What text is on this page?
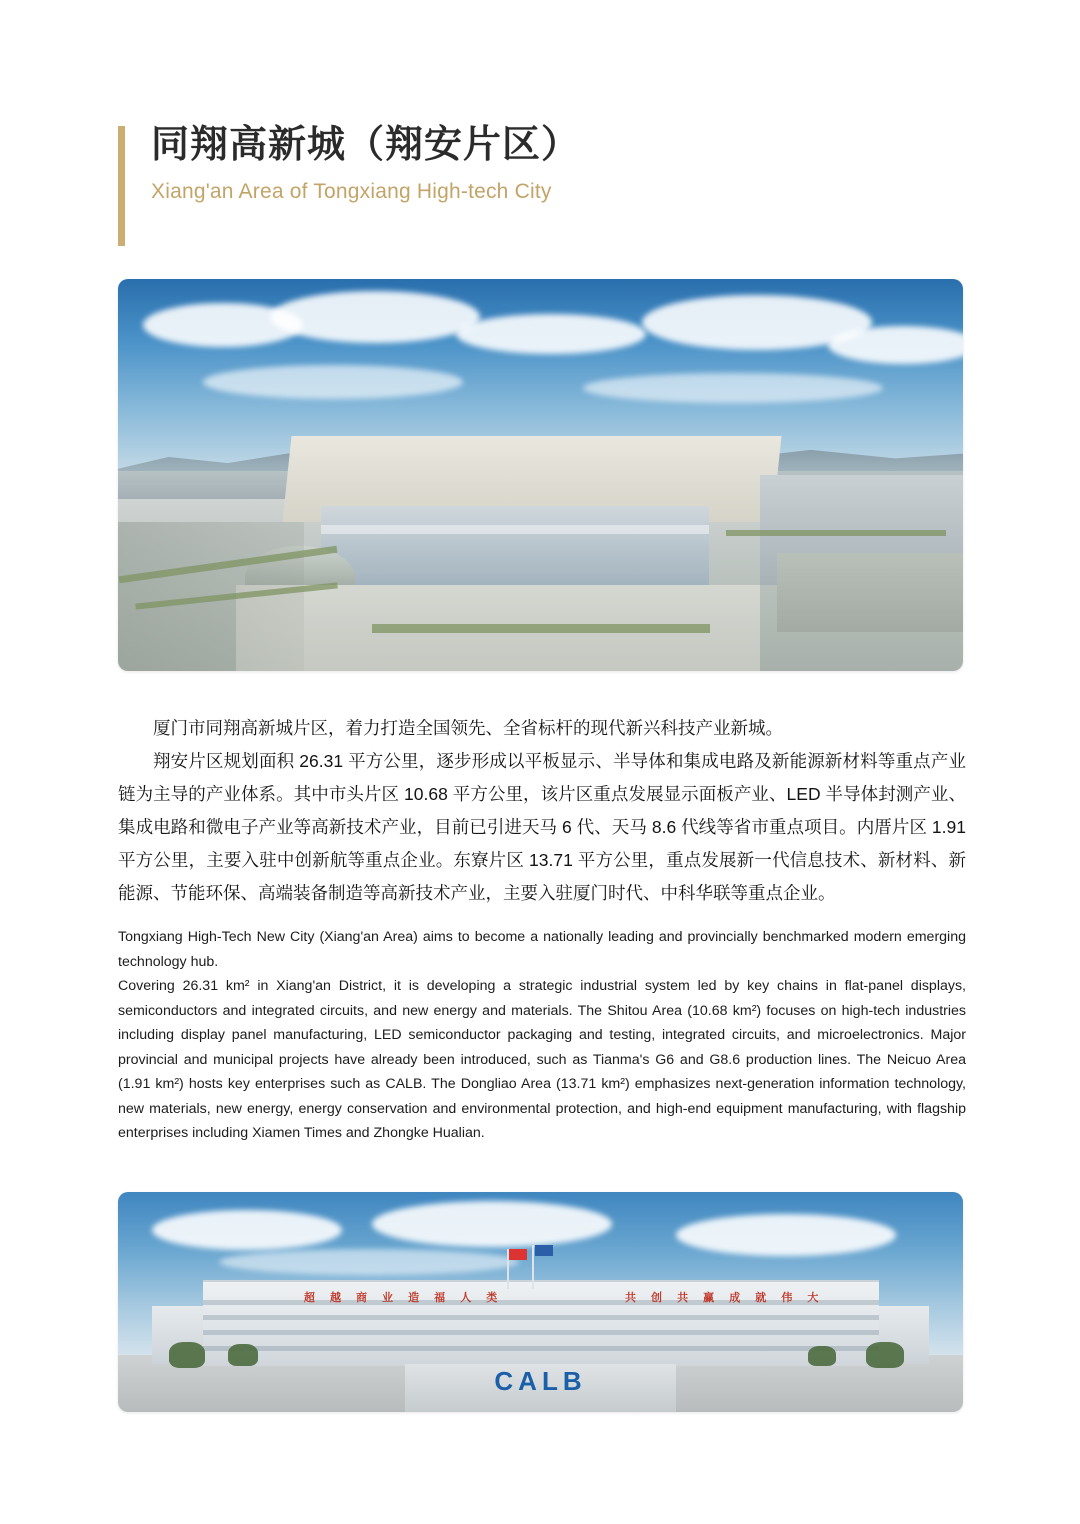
同翔高新城（翔安片区）
Xiang'an Area of Tongxiang High-tech City

厦门市同翔高新城片区，着力打造全国领先、全省标杆的现代新兴科技产业新城。

翔安片区规划面积 26.31 平方公里，逐步形成以平板显示、半导体和集成电路及新能源新材料等重点产业链为主导的产业体系。其中市头片区 10.68 平方公里，该片区重点发展显示面板产业、LED 半导体封测产业、集成电路和微电子产业等高新技术产业，目前已引进天马 6 代、天马 8.6 代线等省市重点项目。内厝片区 1.91 平方公里，主要入驻中创新航等重点企业。东寮片区 13.71 平方公里，重点发展新一代信息技术、新材料、新能源、节能环保、高端装备制造等高新技术产业，主要入驻厦门时代、中科华联等重点企业。

Tongxiang High-Tech New City (Xiang'an Area) aims to become a nationally leading and provincially benchmarked modern emerging technology hub.

Covering 26.31 km² in Xiang'an District, it is developing a strategic industrial system led by key chains in flat-panel displays, semiconductors and integrated circuits, and new energy and materials. The Shitou Area (10.68 km²) focuses on high-tech industries including display panel manufacturing, LED semiconductor packaging and testing, integrated circuits, and microelectronics. Major provincial and municipal projects have already been introduced, such as Tianma's G6 and G8.6 production lines. The Neicuo Area (1.91 km²) hosts key enterprises such as CALB. The Dongliao Area (13.71 km²) emphasizes next-generation information technology, new materials, new energy, energy conservation and environmental protection, and high-end equipment manufacturing, with flagship enterprises including Xiamen Times and Zhongke Hualian.

超 越 商 业 造 福 人 类	共 创 共 赢 成 就 伟 大
CALB
